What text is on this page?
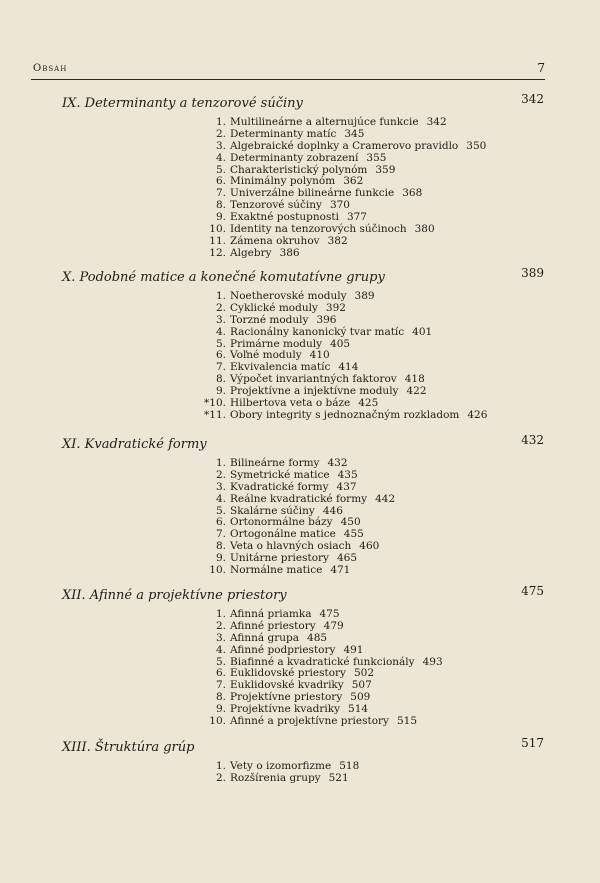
Obsah	7
IX. Determinanty a tenzorové súčiny	342
1. Multilineárne a alternujúce funkcie 342
2. Determinanty matíc 345
3. Algebraické doplnky a Cramerovo pravidlo 350
4. Determinanty zobrazení 355
5. Charakteristický polynóm 359
6. Minimálny polynóm 362
7. Univerzálne bilineárne funkcie 368
8. Tenzorové súčiny 370
9. Exaktné postupnosti 377
10. Identity na tenzorových súčinoch 380
11. Zámena okruhov 382
12. Algebry 386
X. Podobné matice a konečné komutatívne grupy	389
1. Noetherovské moduly 389
2. Cyklické moduly 392
3. Torzné moduly 396
4. Racionálny kanonický tvar matíc 401
5. Primárne moduly 405
6. Voľné moduly 410
7. Ekvivalencia matíc 414
8. Výpočet invariantných faktorov 418
9. Projektívne a injektívne moduly 422
*10. Hilbertova veta o báze 425
*11. Obory integrity s jednoznačným rozkladom 426
XI. Kvadratické formy	432
1. Bilineárne formy 432
2. Symetrické matice 435
3. Kvadratické formy 437
4. Reálne kvadratické formy 442
5. Skalárne súčiny 446
6. Ortonormálne bázy 450
7. Ortogonálne matice 455
8. Veta o hlavných osiach 460
9. Unitárne priestory 465
10. Normálne matice 471
XII. Afinné a projektívne priestory	475
1. Afinná priamka 475
2. Afinné priestory 479
3. Afinná grupa 485
4. Afinné podpriestory 491
5. Biafinné a kvadratické funkcionály 493
6. Euklidovské priestory 502
7. Euklidovské kvadriky 507
8. Projektívne priestory 509
9. Projektívne kvadriky 514
10. Afinné a projektívne priestory 515
XIII. Štruktúra grúp	517
1. Vety o izomorfizme 518
2. Rozšírenia grupy 521
